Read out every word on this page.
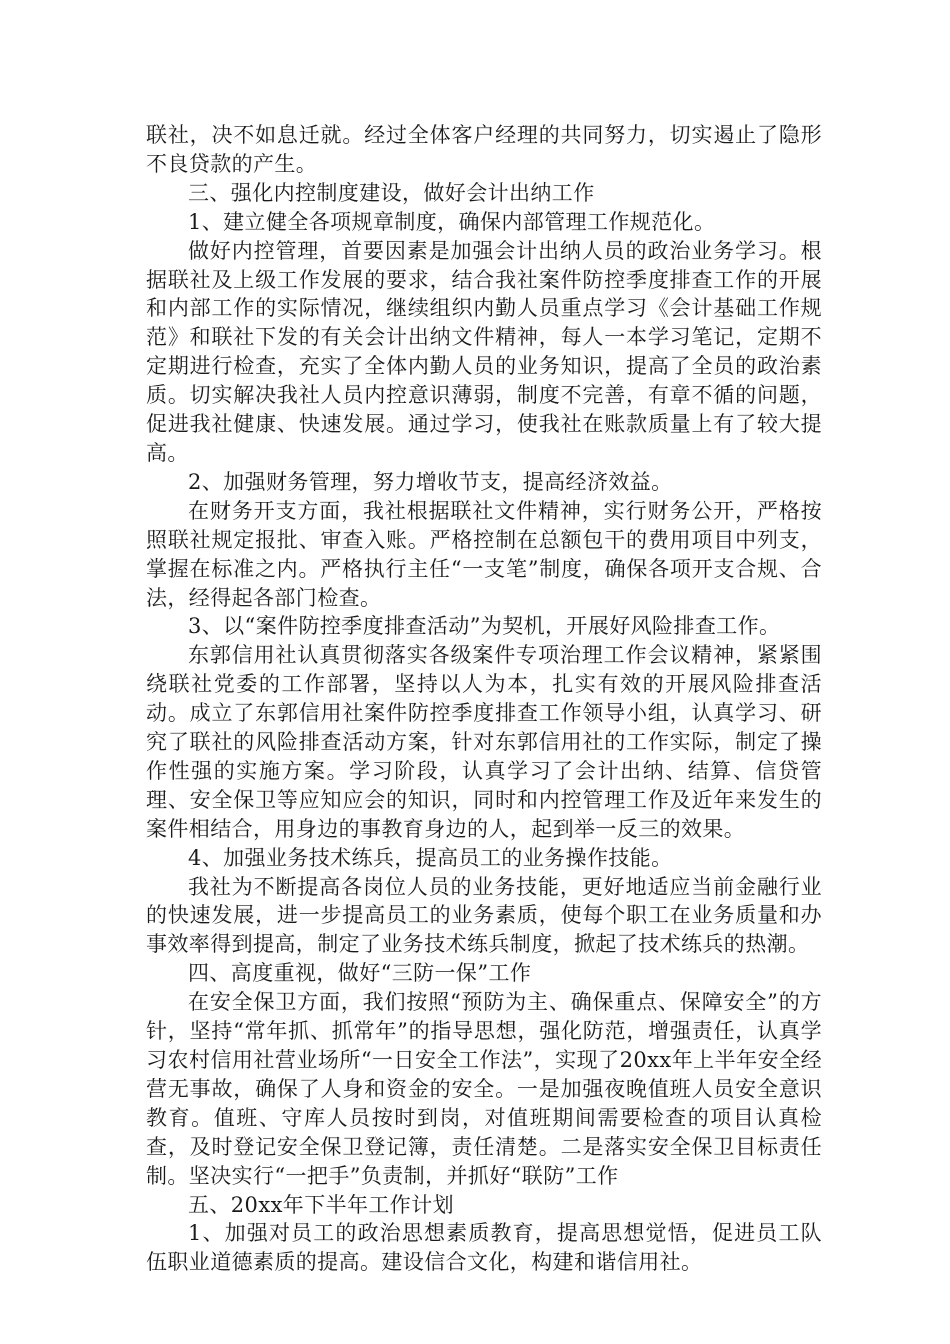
联社，决不如息迁就。经过全体客户经理的共同努力，切实遏止了隐形不良贷款的产生。

三、强化内控制度建设，做好会计出纳工作

1、建立健全各项规章制度，确保内部管理工作规范化。

做好内控管理，首要因素是加强会计出纳人员的政治业务学习。根据联社及上级工作发展的要求，结合我社案件防控季度排查工作的开展和内部工作的实际情况，继续组织内勤人员重点学习《会计基础工作规范》和联社下发的有关会计出纳文件精神，每人一本学习笔记，定期不定期进行检查，充实了全体内勤人员的业务知识，提高了全员的政治素质。切实解决我社人员内控意识薄弱，制度不完善，有章不循的问题，促进我社健康、快速发展。通过学习，使我社在账款质量上有了较大提高。

2、加强财务管理，努力增收节支，提高经济效益。

在财务开支方面，我社根据联社文件精神，实行财务公开，严格按照联社规定报批、审查入账。严格控制在总额包干的费用项目中列支，掌握在标准之内。严格执行主任“一支笔”制度，确保各项开支合规、合法，经得起各部门检查。

3、以“案件防控季度排查活动”为契机，开展好风险排查工作。

东郭信用社认真贯彻落实各级案件专项治理工作会议精神，紧紧围绕联社党委的工作部署，坚持以人为本，扎实有效的开展风险排查活动。成立了东郭信用社案件防控季度排查工作领导小组，认真学习、研究了联社的风险排查活动方案，针对东郭信用社的工作实际，制定了操作性强的实施方案。学习阶段，认真学习了会计出纳、结算、信贷管理、安全保卫等应知应会的知识，同时和内控管理工作及近年来发生的案件相结合，用身边的事教育身边的人，起到举一反三的效果。

4、加强业务技术练兵，提高员工的业务操作技能。

我社为不断提高各岗位人员的业务技能，更好地适应当前金融行业的快速发展，进一步提高员工的业务素质，使每个职工在业务质量和办事效率得到提高，制定了业务技术练兵制度，掀起了技术练兵的热潮。

四、高度重视，做好“三防一保”工作

在安全保卫方面，我们按照“预防为主、确保重点、保障安全”的方针，坚持“常年抓、抓常年”的指导思想，强化防范，增强责任，认真学习农村信用社营业场所“一日安全工作法”，实现了20xx年上半年安全经营无事故，确保了人身和资金的安全。一是加强夜晚值班人员安全意识教育。值班、守库人员按时到岗，对值班期间需要检查的项目认真检查，及时登记安全保卫登记簿，责任清楚。二是落实安全保卫目标责任制。坚决实行“一把手”负责制，并抓好“联防”工作

五、20xx年下半年工作计划

1、加强对员工的政治思想素质教育，提高思想觉悟，促进员工队伍职业道德素质的提高。建设信合文化，构建和谐信用社。
